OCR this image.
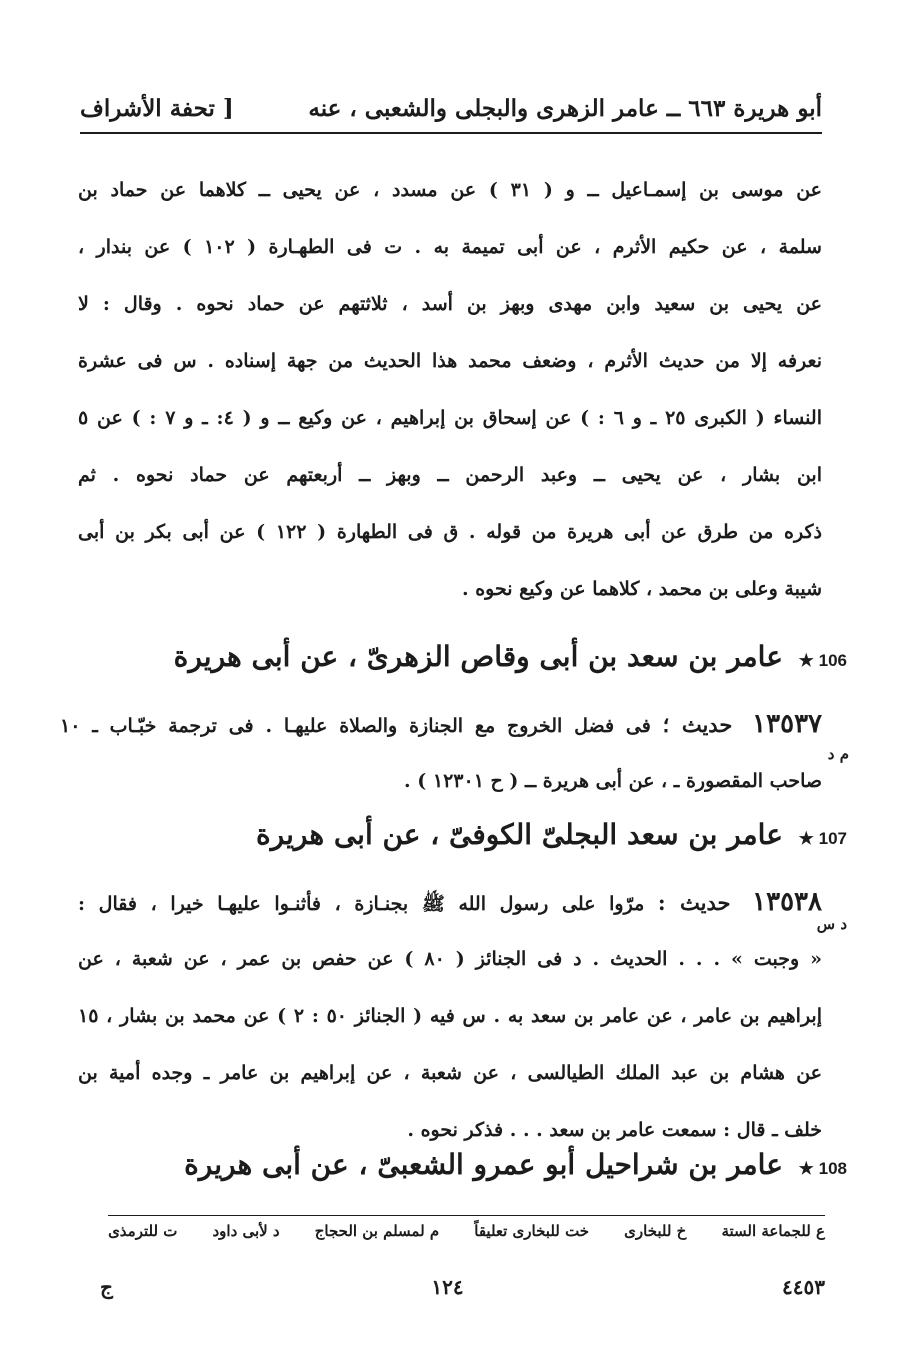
أبو هريرة ٦٦٣ ــ عامر الزهرى والبجلى والشعبى ، عنه
[ تحفة الأشراف
عن موسى بن إسمـاعيل ــ و ( ٣١ ) عن مسدد ، عن يحيى ــ كلاهما عن حماد بن
سلمة ، عن حكيم الأثرم ، عن أبى تميمة به . ت فى الطهـارة ( ١٠٢ ) عن بندار ،
عن يحيى بن سعيد وابن مهدى وبهز بن أسد ، ثلاثتهم عن حماد نحوه . وقال : لا
نعرفه إلا من حديث الأثرم ، وضعف محمد هذا الحديث من جهة إسناده . س فى عشرة
النساء ( الكبرى ٢٥ ـ و ٦ : ) عن إسحاق بن إبراهيم ، عن وكيع ــ و ( ٤: ـ و ٧ : ) عن ٥
ابن بشار ، عن يحيى ــ وعبد الرحمن ــ وبهز ــ أربعتهم عن حماد نحوه . ثم
ذكره من طرق عن أبى هريرة من قوله . ق فى الطهارة ( ١٢٢ ) عن أبى بكر بن أبى
شيبة وعلى بن محمد ، كلاهما عن وكيع نحوه .
106 ★ عامر بن سعد بن أبى وقاص الزهرىّ ، عن أبى هريرة
١٣٥٣٧ حديث ؛ فى فضل الخروج مع الجنازة والصلاة عليهـا . فى ترجمة خبّـاب ـ ١٠
صاحب المقصورة ـ ، عن أبى هريرة ــ ( ح ١٢٣٠١ ) .
م د
107 ★ عامر بن سعد البجلىّ الكوفىّ ، عن أبى هريرة
١٣٥٣٨ حديث : مرّوا على رسول الله ﷺ بجنـازة ، فأثنـوا عليهـا خيرا ، فقال :
« وجبت » . . . الحديث . د فى الجنائز ( ٨٠ ) عن حفص بن عمر ، عن شعبة ، عن
إبراهيم بن عامر ، عن عامر بن سعد به . س فيه ( الجنائز ٥٠ : ٢ ) عن محمد بن بشار ، ١٥
عن هشام بن عبد الملك الطيالسى ، عن شعبة ، عن إبراهيم بن عامر ـ وجده أمية بن
خلف ـ قال : سمعت عامر بن سعد . . . فذكر نحوه .
د س
108 ★ عامر بن شراحيل أبو عمرو الشعبىّ ، عن أبى هريرة
ت للترمذى د لأبى داود م لمسلم بن الحجاج خت للبخارى تعليقاً خ للبخارى ع للجماعة الستة
٤٤٥٣
١٢٤
ج
